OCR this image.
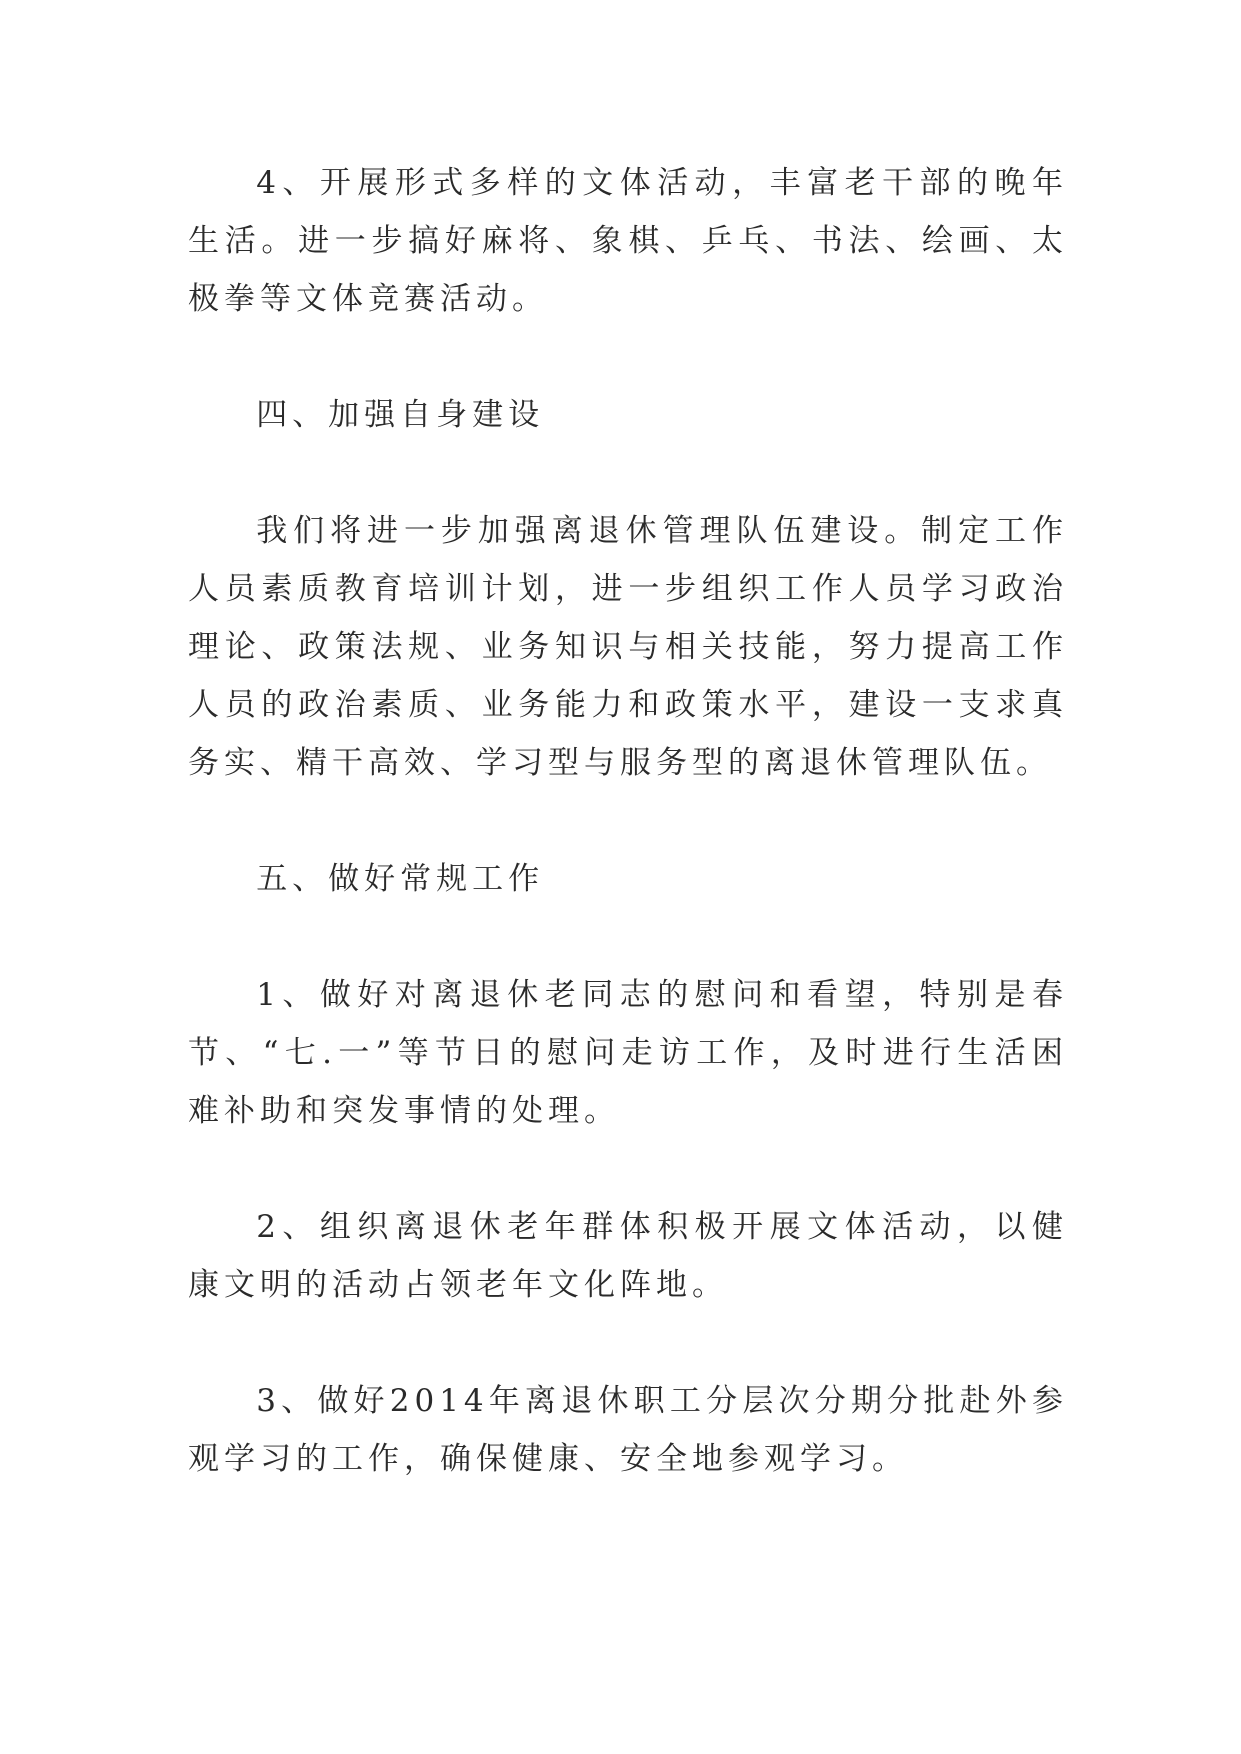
4、开展形式多样的文体活动，丰富老干部的晚年生活。进一步搞好麻将、象棋、乒乓、书法、绘画、太极拳等文体竞赛活动。

四、加强自身建设

我们将进一步加强离退休管理队伍建设。制定工作人员素质教育培训计划，进一步组织工作人员学习政治理论、政策法规、业务知识与相关技能，努力提高工作人员的政治素质、业务能力和政策水平，建设一支求真务实、精干高效、学习型与服务型的离退休管理队伍。

五、做好常规工作

1、做好对离退休老同志的慰问和看望，特别是春节、“七.一”等节日的慰问走访工作，及时进行生活困难补助和突发事情的处理。

2、组织离退休老年群体积极开展文体活动，以健康文明的活动占领老年文化阵地。

3、做好2014年离退休职工分层次分期分批赴外参观学习的工作，确保健康、安全地参观学习。
